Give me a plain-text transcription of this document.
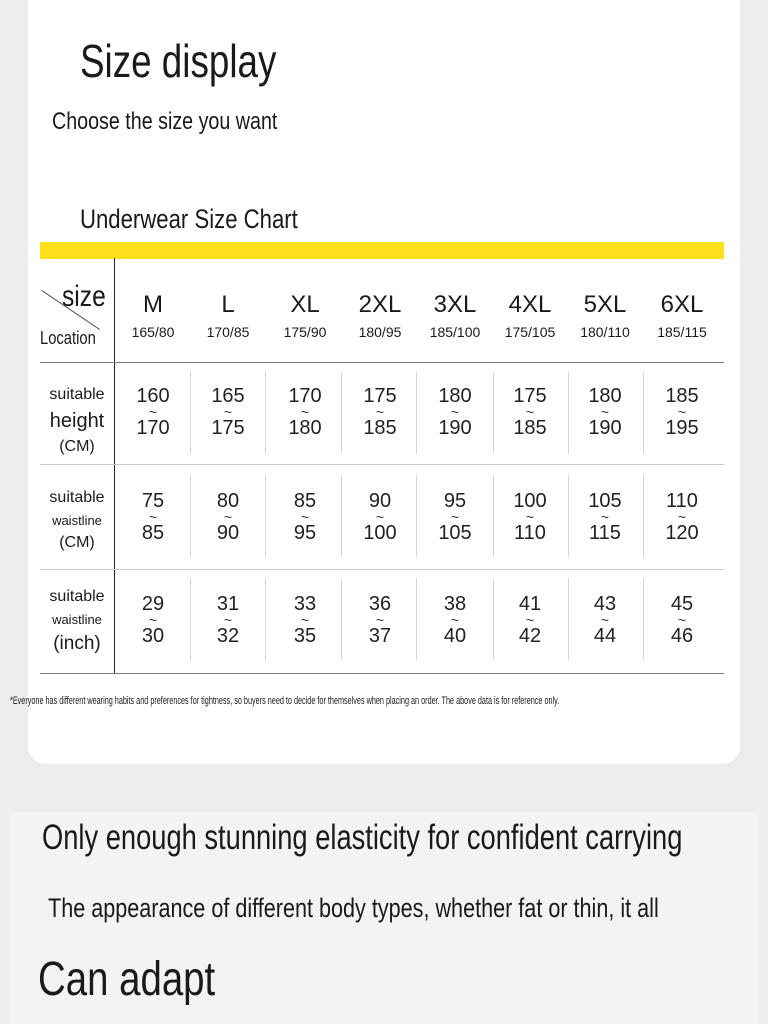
Size display
Choose the size you want
Underwear Size Chart
size
Location
M
165/80
L
170/85
XL
175/90
2XL
180/95
3XL
185/100
4XL
175/105
5XL
180/110
6XL
185/115
suitable
height
(CM)
160
~
170
165
~
175
170
~
180
175
~
185
180
~
190
175
~
185
180
~
190
185
~
195
suitable
waistline
(CM)
75
~
85
80
~
90
85
~
95
90
~
100
95
~
105
100
~
110
105
~
115
110
~
120
suitable
waistline
(inch)
29
~
30
31
~
32
33
~
35
36
~
37
38
~
40
41
~
42
43
~
44
45
~
46
*Everyone has different wearing habits and preferences for tightness, so buyers need to decide for themselves when placing an order. The above data is for reference only.
Only enough stunning elasticity for confident carrying
The appearance of different body types, whether fat or thin, it all
Can adapt
